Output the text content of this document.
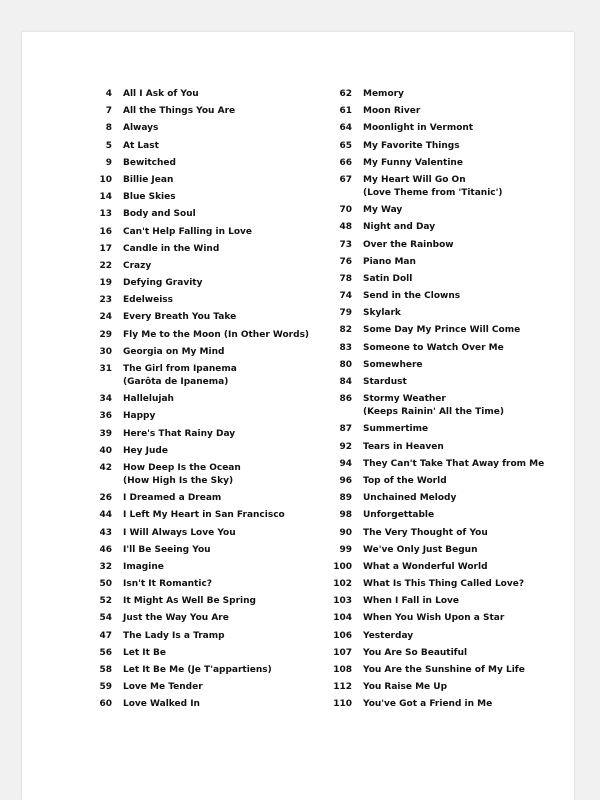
4 All I Ask of You
7 All the Things You Are
8 Always
5 At Last
9 Bewitched
10 Billie Jean
14 Blue Skies
13 Body and Soul
16 Can't Help Falling in Love
17 Candle in the Wind
22 Crazy
19 Defying Gravity
23 Edelweiss
24 Every Breath You Take
29 Fly Me to the Moon (In Other Words)
30 Georgia on My Mind
31 The Girl from Ipanema
(Garôta de Ipanema)
34 Hallelujah
36 Happy
39 Here's That Rainy Day
40 Hey Jude
42 How Deep Is the Ocean
(How High Is the Sky)
26 I Dreamed a Dream
44 I Left My Heart in San Francisco
43 I Will Always Love You
46 I'll Be Seeing You
32 Imagine
50 Isn't It Romantic?
52 It Might As Well Be Spring
54 Just the Way You Are
47 The Lady Is a Tramp
56 Let It Be
58 Let It Be Me (Je T'appartiens)
59 Love Me Tender
60 Love Walked In
62 Memory
61 Moon River
64 Moonlight in Vermont
65 My Favorite Things
66 My Funny Valentine
67 My Heart Will Go On
(Love Theme from 'Titanic')
70 My Way
48 Night and Day
73 Over the Rainbow
76 Piano Man
78 Satin Doll
74 Send in the Clowns
79 Skylark
82 Some Day My Prince Will Come
83 Someone to Watch Over Me
80 Somewhere
84 Stardust
86 Stormy Weather
(Keeps Rainin' All the Time)
87 Summertime
92 Tears in Heaven
94 They Can't Take That Away from Me
96 Top of the World
89 Unchained Melody
98 Unforgettable
90 The Very Thought of You
99 We've Only Just Begun
100 What a Wonderful World
102 What Is This Thing Called Love?
103 When I Fall in Love
104 When You Wish Upon a Star
106 Yesterday
107 You Are So Beautiful
108 You Are the Sunshine of My Life
112 You Raise Me Up
110 You've Got a Friend in Me
